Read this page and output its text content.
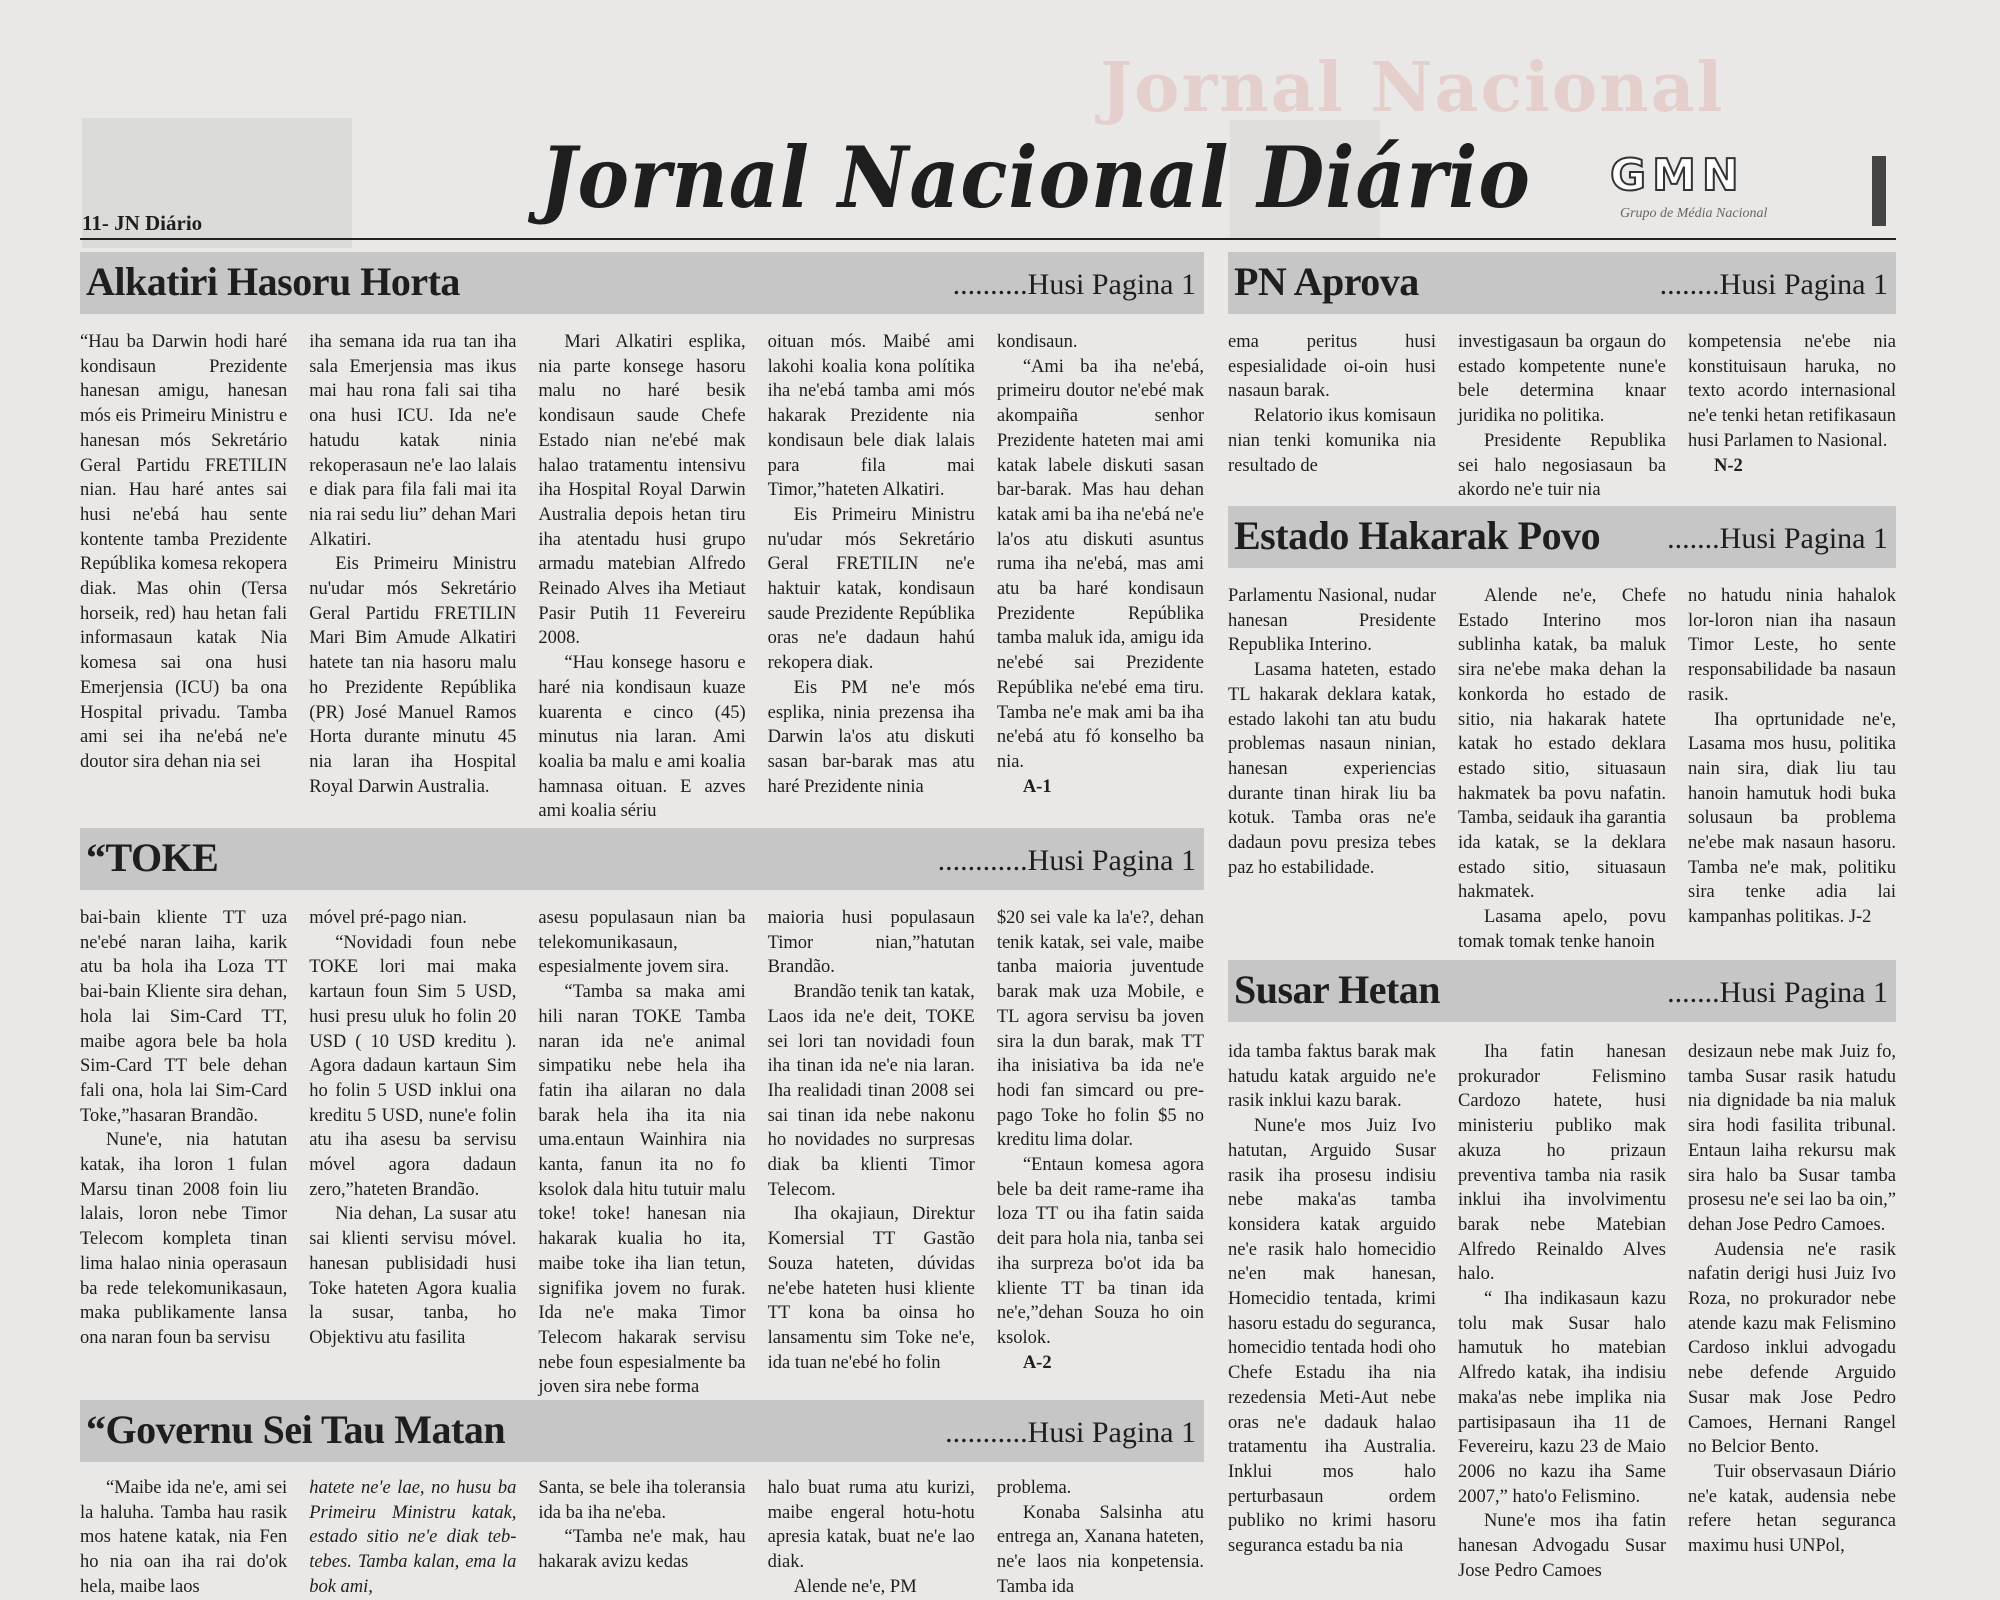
Jornal Nacional
11- JN Diário	Jornal Nacional Diário GMN
Grupo de Média Nacional
Alkatiri Hasoru Horta	..........Husi Pagina 1

“Hau ba Darwin hodi haré kondisaun Prezidente hanesan amigu, hanesan mós eis Primeiru Ministru e hanesan mós Sekretário Geral Partidu FRETILIN nian. Hau haré antes sai husi ne'ebá hau sente kontente tamba Prezidente Repúblika komesa rekopera diak. Mas ohin (Tersa horseik, red) hau hetan fali informasaun katak Nia komesa sai ona husi Emerjensia (ICU) ba ona Hospital privadu. Tamba ami sei iha ne'ebá ne'e doutor sira dehan nia sei

iha semana ida rua tan iha sala Emerjensia mas ikus mai hau rona fali sai tiha ona husi ICU. Ida ne'e hatudu katak ninia rekoperasaun ne'e lao lalais e diak para fila fali mai ita nia rai sedu liu” dehan Mari Alkatiri.

Eis Primeiru Ministru nu'udar mós Sekretário Geral Partidu FRETILIN Mari Bim Amude Alkatiri hatete tan nia hasoru malu ho Prezidente Repúblika (PR) José Manuel Ramos Horta durante minutu 45 nia laran iha Hospital Royal Darwin Australia.

Mari Alkatiri esplika, nia parte konsege hasoru malu no haré besik kondisaun saude Chefe Estado nian ne'ebé mak halao tratamentu intensivu iha Hospital Royal Darwin Australia depois hetan tiru iha atentadu husi grupo armadu matebian Alfredo Reinado Alves iha Metiaut Pasir Putih 11 Fevereiru 2008.

“Hau konsege hasoru e haré nia kondisaun kuaze kuarenta e cinco (45) minutus nia laran. Ami koalia ba malu e ami koalia hamnasa oituan. E azves ami koalia sériu

oituan mós. Maibé ami lakohi koalia kona polítika iha ne'ebá tamba ami mós hakarak Prezidente nia kondisaun bele diak lalais para fila mai Timor,”hateten Alkatiri.

Eis Primeiru Ministru nu'udar mós Sekretário Geral FRETILIN ne'e haktuir katak, kondisaun saude Prezidente Repúblika oras ne'e dadaun hahú rekopera diak.

Eis PM ne'e mós esplika, ninia prezensa iha Darwin la'os atu diskuti sasan bar-barak mas atu haré Prezidente ninia

kondisaun.

“Ami ba iha ne'ebá, primeiru doutor ne'ebé mak akompaiña senhor Prezidente hateten mai ami katak labele diskuti sasan bar-barak. Mas hau dehan katak ami ba iha ne'ebá ne'e la'os atu diskuti asuntus ruma iha ne'ebá, mas ami atu ba haré kondisaun Prezidente Repúblika tamba maluk ida, amigu ida ne'ebé sai Prezidente Repúblika ne'ebé ema tiru. Tamba ne'e mak ami ba iha ne'ebá atu fó konselho ba nia.

A-1
“TOKE	............Husi Pagina 1

bai-bain kliente TT uza ne'ebé naran laiha, karik atu ba hola iha Loza TT bai-bain Kliente sira dehan, hola lai Sim-Card TT, maibe agora bele ba hola Sim-Card TT bele dehan fali ona, hola lai Sim-Card Toke,”hasaran Brandão.

Nune'e, nia hatutan katak, iha loron 1 fulan Marsu tinan 2008 foin liu lalais, loron nebe Timor Telecom kompleta tinan lima halao ninia operasaun ba rede telekomunikasaun, maka publikamente lansa ona naran foun ba servisu

móvel pré-pago nian.

“Novidadi foun nebe TOKE lori mai maka kartaun foun Sim 5 USD, husi presu uluk ho folin 20 USD ( 10 USD kreditu ). Agora dadaun kartaun Sim ho folin 5 USD inklui ona kreditu 5 USD, nune'e folin atu iha asesu ba servisu móvel agora dadaun zero,”hateten Brandão.

Nia dehan, La susar atu sai klienti servisu móvel. hanesan publisidadi husi Toke hateten Agora kualia la susar, tanba, ho Objektivu atu fasilita

asesu populasaun nian ba telekomunikasaun, espesialmente jovem sira.

“Tamba sa maka ami hili naran TOKE Tamba naran ida ne'e animal simpatiku nebe hela iha fatin iha ailaran no dala barak hela iha ita nia uma.entaun Wainhira nia kanta, fanun ita no fo ksolok dala hitu tutuir malu toke! toke! hanesan nia hakarak kualia ho ita, maibe toke iha lian tetun, signifika jovem no furak. Ida ne'e maka Timor Telecom hakarak servisu nebe foun espesialmente ba joven sira nebe forma

maioria husi populasaun Timor nian,”hatutan Brandão.

Brandão tenik tan katak, Laos ida ne'e deit, TOKE sei lori tan novidadi foun iha tinan ida ne'e nia laran. Iha realidadi tinan 2008 sei sai tinan ida nebe nakonu ho novidades no surpresas diak ba klienti Timor Telecom.

Iha okajiaun, Direktur Komersial TT Gastão Souza hateten, dúvidas ne'ebe hateten husi kliente TT kona ba oinsa ho lansamentu sim Toke ne'e, ida tuan ne'ebé ho folin

$20 sei vale ka la'e?, dehan tenik katak, sei vale, maibe tanba maioria juventude barak mak uza Mobile, e TL agora servisu ba joven sira la dun barak, mak TT iha inisiativa ba ida ne'e hodi fan simcard ou pre-pago Toke ho folin $5 no kreditu lima dolar.

“Entaun komesa agora bele ba deit rame-rame iha loza TT ou iha fatin saida deit para hola nia, tanba sei iha surpreza bo'ot ida ba kliente TT ba tinan ida ne'e,”dehan Souza ho oin ksolok.

A-2
“Governu Sei Tau Matan	...........Husi Pagina 1

“Maibe ida ne'e, ami sei la haluha. Tamba hau rasik mos hatene katak, nia Fen ho nia oan iha rai do'ok hela, maibe laos

hatete ne'e lae, no husu ba Primeiru Ministru katak, estado sitio ne'e diak teb-tebes. Tamba kalan, ema la bok ami,

Santa, se bele iha toleransia ida ba iha ne'eba.

“Tamba ne'e mak, hau hakarak avizu kedas

halo buat ruma atu kurizi, maibe engeral hotu-hotu apresia katak, buat ne'e lao diak.

Alende ne'e, PM

problema.

Konaba Salsinha atu entrega an, Xanana hateten, ne'e laos nia konpetensia. Tamba ida

PN Aprova	........Husi Pagina 1

ema peritus husi espesialidade oi-oin husi nasaun barak.

Relatorio ikus komisaun nian tenki komunika nia resultado de

investigasaun ba orgaun do estado kompetente nune'e bele determina knaar juridika no politika.

Presidente Republika sei halo negosiasaun ba akordo ne'e tuir nia

kompetensia ne'ebe nia konstituisaun haruka, no texto acordo internasional ne'e tenki hetan retifikasaun husi Parlamen to Nasional.

N-2
Estado Hakarak Povo .......Husi Pagina 1

Parlamentu Nasional, nudar hanesan Presidente Republika Interino.

Lasama hateten, estado TL hakarak deklara katak, estado lakohi tan atu budu problemas nasaun ninian, hanesan experiencias durante tinan hirak liu ba kotuk. Tamba oras ne'e dadaun povu presiza tebes paz ho estabilidade.

Alende ne'e, Chefe Estado Interino mos sublinha katak, ba maluk sira ne'ebe maka dehan la konkorda ho estado de sitio, nia hakarak hatete katak ho estado deklara estado sitio, situasaun hakmatek ba povu nafatin. Tamba, seidauk iha garantia ida katak, se la deklara estado sitio, situasaun hakmatek.

Lasama apelo, povu tomak tomak tenke hanoin

no hatudu ninia hahalok lor-loron nian iha nasaun Timor Leste, ho sente responsabilidade ba nasaun rasik.

Iha oprtunidade ne'e, Lasama mos husu, politika nain sira, diak liu tau hanoin hamutuk hodi buka solusaun ba problema ne'ebe mak nasaun hasoru. Tamba ne'e mak, politiku sira tenke adia lai kampanhas politikas. J-2

Susar Hetan	.......Husi Pagina 1

ida tamba faktus barak mak hatudu katak arguido ne'e rasik inklui kazu barak.

Nune'e mos Juiz Ivo hatutan, Arguido Susar rasik iha prosesu indisiu nebe maka'as tamba konsidera katak arguido ne'e rasik halo homecidio ne'en mak hanesan, Homecidio tentada, krimi hasoru estadu do seguranca, homecidio tentada hodi oho Chefe Estadu iha nia rezedensia Meti-Aut nebe oras ne'e dadauk halao tratamentu iha Australia. Inklui mos halo perturbasaun ordem publiko no krimi hasoru seguranca estadu ba nia

Iha fatin hanesan prokurador Felismino Cardozo hatete, husi ministeriu publiko mak akuza ho prizaun preventiva tamba nia rasik inklui iha involvimentu barak nebe Matebian Alfredo Reinaldo Alves halo.

“ Iha indikasaun kazu tolu mak Susar halo hamutuk ho matebian Alfredo katak, iha indisiu maka'as nebe implika nia partisipasaun iha 11 de Fevereiru, kazu 23 de Maio 2006 no kazu iha Same 2007,” hato'o Felismino.

Nune'e mos iha fatin hanesan Advogadu Susar Jose Pedro Camoes

desizaun nebe mak Juiz fo, tamba Susar rasik hatudu nia dignidade ba nia maluk sira hodi fasilita tribunal. Entaun laiha rekursu mak sira halo ba Susar tamba prosesu ne'e sei lao ba oin,” dehan Jose Pedro Camoes.

Audensia ne'e rasik nafatin derigi husi Juiz Ivo Roza, no prokurador nebe atende kazu mak Felismino Cardoso inklui advogadu nebe defende Arguido Susar mak Jose Pedro Camoes, Hernani Rangel no Belcior Bento.

Tuir observasaun Diário ne'e katak, audensia nebe refere hetan seguranca maximu husi UNPol,
